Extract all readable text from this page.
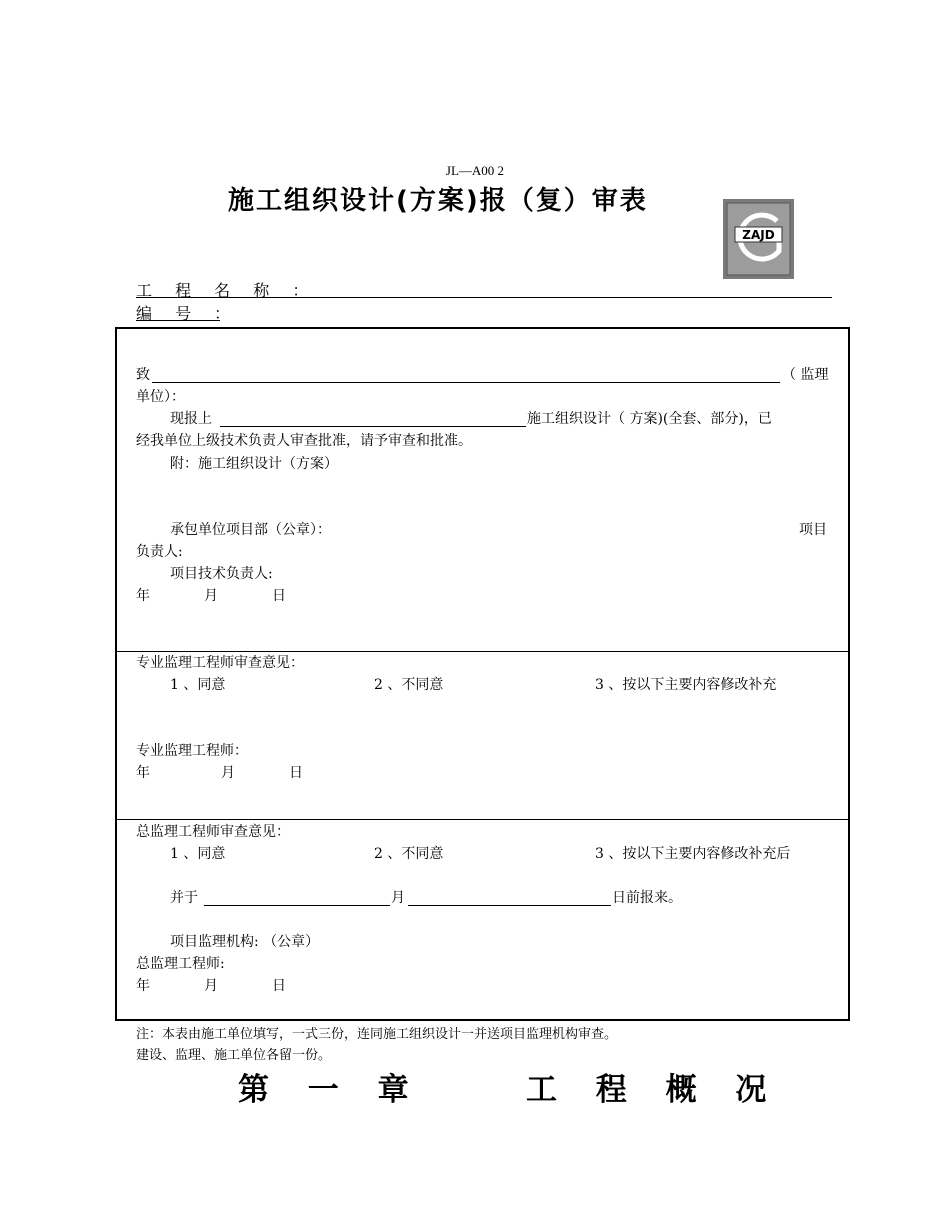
JL—A00 2
施工组织设计(方案)报（复）审表
ZAJD
工 程 名 称 ：
编 号 ：
致	（ 监理
单位）：
现报上	施工组织设计（ 方案)(全套、部分)，已
经我单位上级技术负责人审查批准，请予审查和批准。
附：施工组织设计（方案）
承包单位项目部（公章）：	项目
负责人:
项目技术负责人:
年	月	日
专业监理工程师审查意见：
1 、同意	2 、不同意	3 、按以下主要内容修改补充
专业监理工程师：
年	月	日
总监理工程师审查意见：
1 、同意	2 、不同意	3 、按以下主要内容修改补充后
并于	月	日前报来。
项目监理机构: （公章）
总监理工程师:
年	月	日
注：本表由施工单位填写，一式三份，连同施工组织设计一并送项目监理机构审查。
建设、监理、施工单位各留一份。
第 一 章	工 程 概 况
